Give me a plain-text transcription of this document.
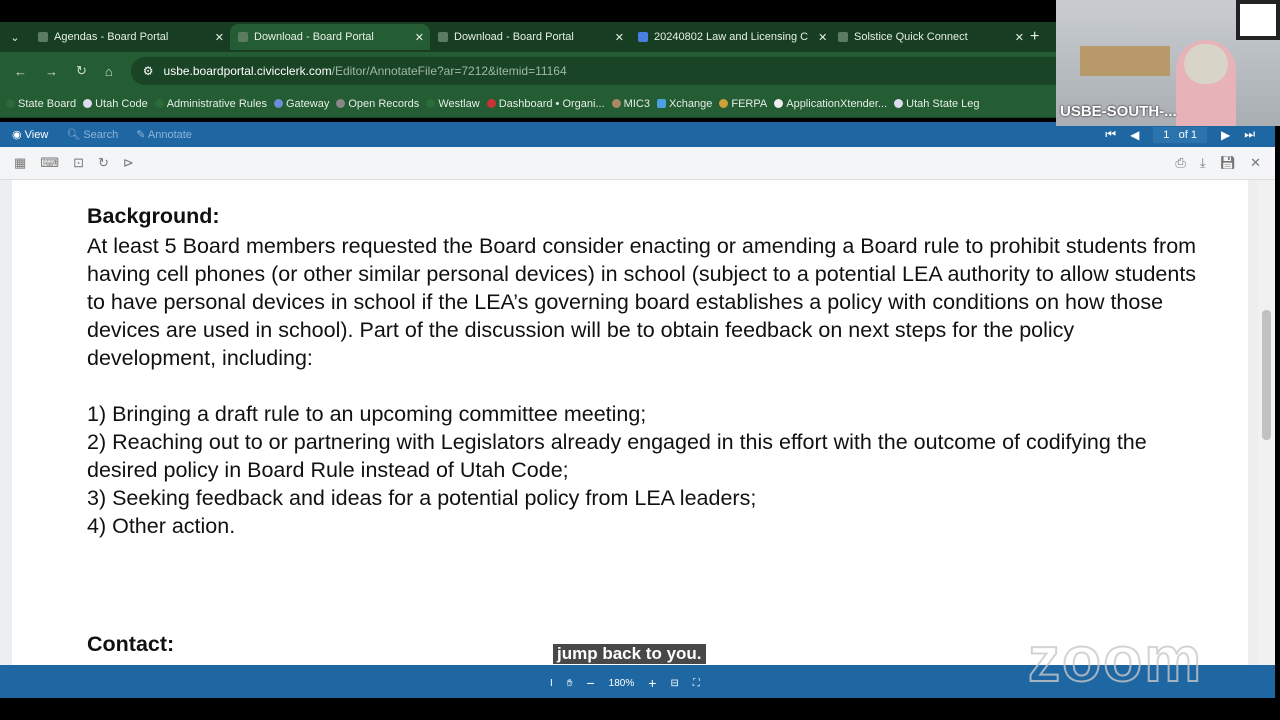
⌄	Agendas - Board Portal	✕	Download - Board Portal	✕	Download - Board Portal	✕	20240802 Law and Licensing C ✕ Solstice Quick Connect	✕ +
← → ↻ ⌂	⚙ usbe.boardportal.civicclerk.com /Editor/AnnotateFile?ar=7212&itemid=11164
State Board	Utah Code	Administrative Rules	Gateway	Open Records	Westlaw	Dashboard • Organi...	MIC3	Xchange	FERPA	ApplicationXtender...	Utah State Leg
◉ View 🔍︎ Search ✎ Annotate	⏮ ◀	1 of 1	▶ ⏭
▦ ⌨ ⊡ ↻ ⊳	⎙ ⤓ 💾︎ ✕
Background:

At least 5 Board members requested the Board consider enacting or amending a Board rule to prohibit students from having cell phones (or other similar personal devices) in school (subject to a potential LEA authority to allow students to have personal devices in school if the LEA’s governing board establishes a policy with conditions on how those devices are used in school). Part of the discussion will be to obtain feedback on next steps for the policy development, including:

1) Bringing a draft rule to an upcoming committee meeting;

2) Reaching out to or partnering with Legislators already engaged in this effort with the outcome of codifying the desired policy in Board Rule instead of Utah Code;

3) Seeking feedback and ideas for a potential policy from LEA leaders;

4) Other action.

Contact:
I ✋︎ − 180% + ⊟ ⛶
jump back to you.
USBE-SOUTH-...
zoom
